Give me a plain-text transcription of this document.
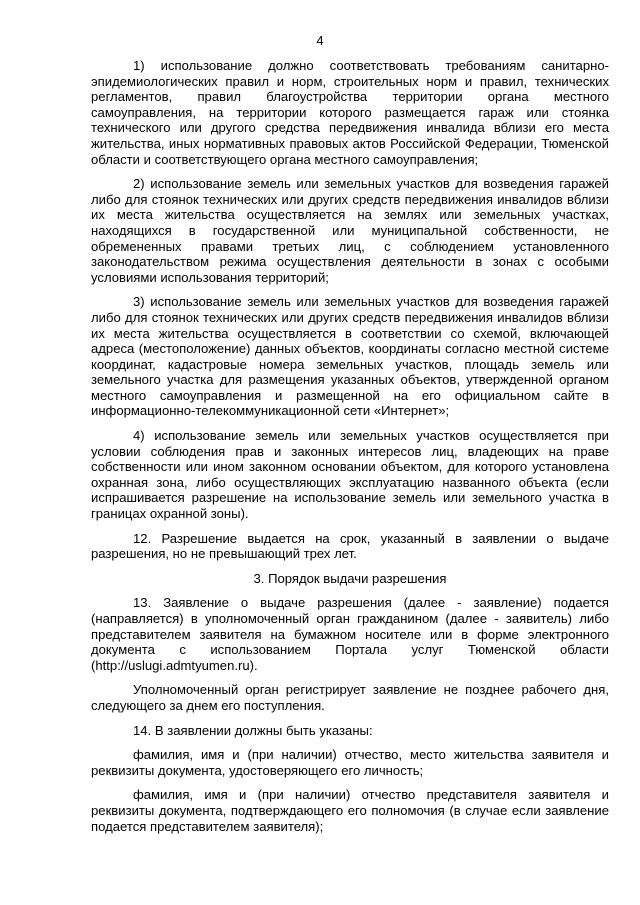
4

1) использование должно соответствовать требованиям санитарно-эпидемиологических правил и норм, строительных норм и правил, технических регламентов, правил благоустройства территории органа местного самоуправления, на территории которого размещается гараж или стоянка технического или другого средства передвижения инвалида вблизи его места жительства, иных нормативных правовых актов Российской Федерации, Тюменской области и соответствующего органа местного самоуправления;

2) использование земель или земельных участков для возведения гаражей либо для стоянок технических или других средств передвижения инвалидов вблизи их места жительства осуществляется на землях или земельных участках, находящихся в государственной или муниципальной собственности, не обремененных правами третьих лиц, с соблюдением установленного законодательством режима осуществления деятельности в зонах с особыми условиями использования территорий;

3) использование земель или земельных участков для возведения гаражей либо для стоянок технических или других средств передвижения инвалидов вблизи их места жительства осуществляется в соответствии со схемой, включающей адреса (местоположение) данных объектов, координаты согласно местной системе координат, кадастровые номера земельных участков, площадь земель или земельного участка для размещения указанных объектов, утвержденной органом местного самоуправления и размещенной на его официальном сайте в информационно-телекоммуникационной сети «Интернет»;

4) использование земель или земельных участков осуществляется при условии соблюдения прав и законных интересов лиц, владеющих на праве собственности или ином законном основании объектом, для которого установлена охранная зона, либо осуществляющих эксплуатацию названного объекта (если испрашивается разрешение на использование земель или земельного участка в границах охранной зоны).

12. Разрешение выдается на срок, указанный в заявлении о выдаче разрешения, но не превышающий трех лет.

3. Порядок выдачи разрешения

13. Заявление о выдаче разрешения (далее - заявление) подается (направляется) в уполномоченный орган гражданином (далее - заявитель) либо представителем заявителя на бумажном носителе или в форме электронного документа с использованием Портала услуг Тюменской области (http://uslugi.admtyumen.ru).

Уполномоченный орган регистрирует заявление не позднее рабочего дня, следующего за днем его поступления.

14. В заявлении должны быть указаны:

фамилия, имя и (при наличии) отчество, место жительства заявителя и реквизиты документа, удостоверяющего его личность;

фамилия, имя и (при наличии) отчество представителя заявителя и реквизиты документа, подтверждающего его полномочия (в случае если заявление подается представителем заявителя);
